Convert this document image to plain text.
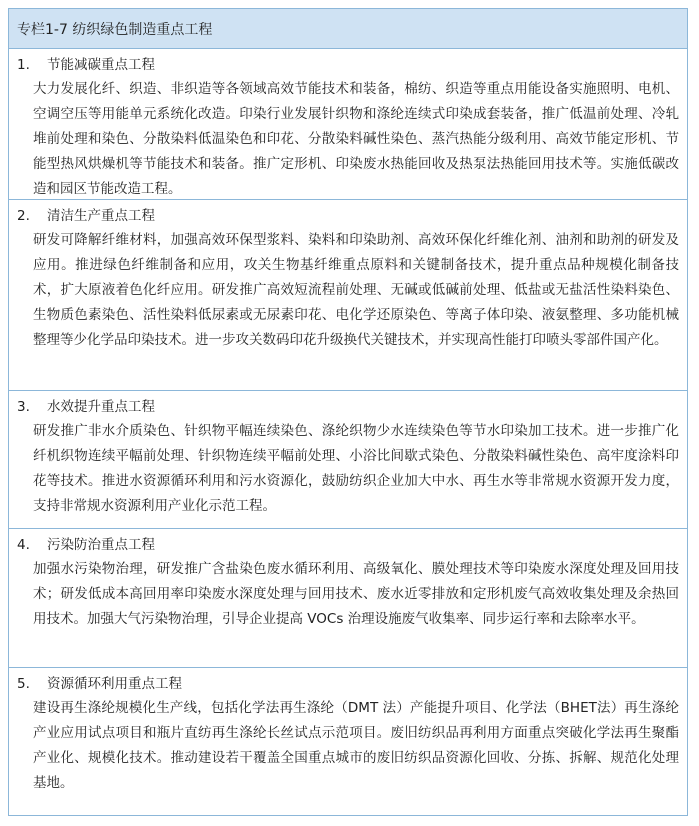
专栏1-7 纺织绿色制造重点工程
1.	节能减碳重点工程
大力发展化纤、织造、非织造等各领域高效节能技术和装备，棉纺、织造等重点用能设备实施照明、电机、空调空压等用能单元系统化改造。印染行业发展针织物和涤纶连续式印染成套装备，推广低温前处理、冷轧堆前处理和染色、分散染料低温染色和印花、分散染料碱性染色、蒸汽热能分级利用、高效节能定形机、节能型热风烘燥机等节能技术和装备。推广定形机、印染废水热能回收及热泵法热能回用技术等。实施低碳改造和园区节能改造工程。
2.	清洁生产重点工程
研发可降解纤维材料，加强高效环保型浆料、染料和印染助剂、高效环保化纤维化剂、油剂和助剂的研发及应用。推进绿色纤维制备和应用，攻关生物基纤维重点原料和关键制备技术，提升重点品种规模化制备技术，扩大原液着色化纤应用。研发推广高效短流程前处理、无碱或低碱前处理、低盐或无盐活性染料染色、生物质色素染色、活性染料低尿素或无尿素印花、电化学还原染色、等离子体印染、液氨整理、多功能机械整理等少化学品印染技术。进一步攻关数码印花升级换代关键技术，并实现高性能打印喷头零部件国产化。
3.	水效提升重点工程
研发推广非水介质染色、针织物平幅连续染色、涤纶织物少水连续染色等节水印染加工技术。进一步推广化纤机织物连续平幅前处理、针织物连续平幅前处理、小浴比间歇式染色、分散染料碱性染色、高牢度涂料印花等技术。推进水资源循环利用和污水资源化，鼓励纺织企业加大中水、再生水等非常规水资源开发力度，支持非常规水资源利用产业化示范工程。
4.	污染防治重点工程
加强水污染物治理，研发推广含盐染色废水循环利用、高级氧化、膜处理技术等印染废水深度处理及回用技术；研发低成本高回用率印染废水深度处理与回用技术、废水近零排放和定形机废气高效收集处理及余热回用技术。加强大气污染物治理，引导企业提高 VOCs 治理设施废气收集率、同步运行率和去除率水平。
5.	资源循环利用重点工程
建设再生涤纶规模化生产线，包括化学法再生涤纶（DMT 法）产能提升项目、化学法（BHET法）再生涤纶产业应用试点项目和瓶片直纺再生涤纶长丝试点示范项目。废旧纺织品再利用方面重点突破化学法再生聚酯产业化、规模化技术。推动建设若干覆盖全国重点城市的废旧纺织品资源化回收、分拣、拆解、规范化处理基地。
